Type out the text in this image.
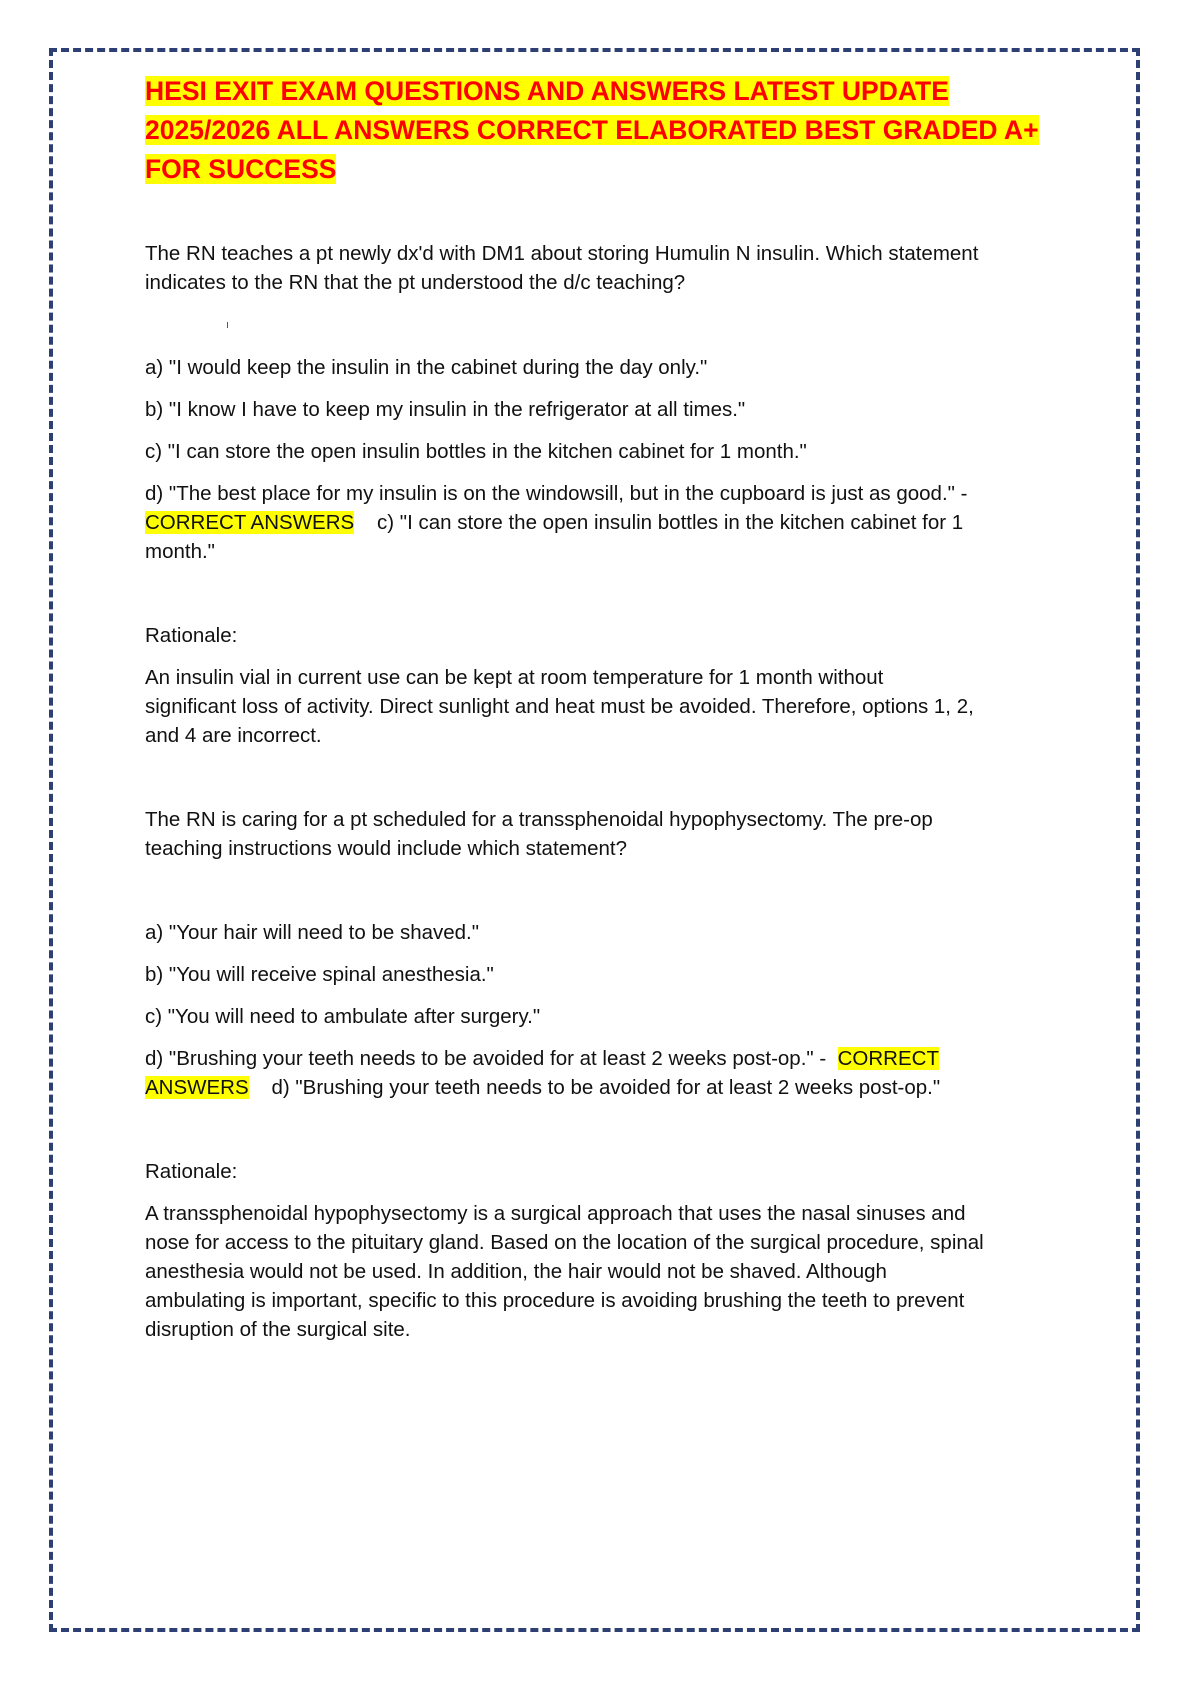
HESI EXIT EXAM QUESTIONS AND ANSWERS LATEST UPDATE
2025/2026 ALL ANSWERS CORRECT ELABORATED BEST GRADED A+
FOR SUCCESS

The RN teaches a pt newly dx'd with DM1 about storing Humulin N insulin. Which statement
indicates to the RN that the pt understood the d/c teaching?

a) "I would keep the insulin in the cabinet during the day only."

b) "I know I have to keep my insulin in the refrigerator at all times."

c) "I can store the open insulin bottles in the kitchen cabinet for 1 month."

d) "The best place for my insulin is on the windowsill, but in the cupboard is just as good." -
CORRECT ANSWERS c) "I can store the open insulin bottles in the kitchen cabinet for 1
month."

Rationale:

An insulin vial in current use can be kept at room temperature for 1 month without
significant loss of activity. Direct sunlight and heat must be avoided. Therefore, options 1, 2,
and 4 are incorrect.

The RN is caring for a pt scheduled for a transsphenoidal hypophysectomy. The pre-op
teaching instructions would include which statement?

a) "Your hair will need to be shaved."

b) "You will receive spinal anesthesia."

c) "You will need to ambulate after surgery."

d) "Brushing your teeth needs to be avoided for at least 2 weeks post-op." - CORRECT
ANSWERS d) "Brushing your teeth needs to be avoided for at least 2 weeks post-op."

Rationale:

A transsphenoidal hypophysectomy is a surgical approach that uses the nasal sinuses and
nose for access to the pituitary gland. Based on the location of the surgical procedure, spinal
anesthesia would not be used. In addition, the hair would not be shaved. Although
ambulating is important, specific to this procedure is avoiding brushing the teeth to prevent
disruption of the surgical site.
